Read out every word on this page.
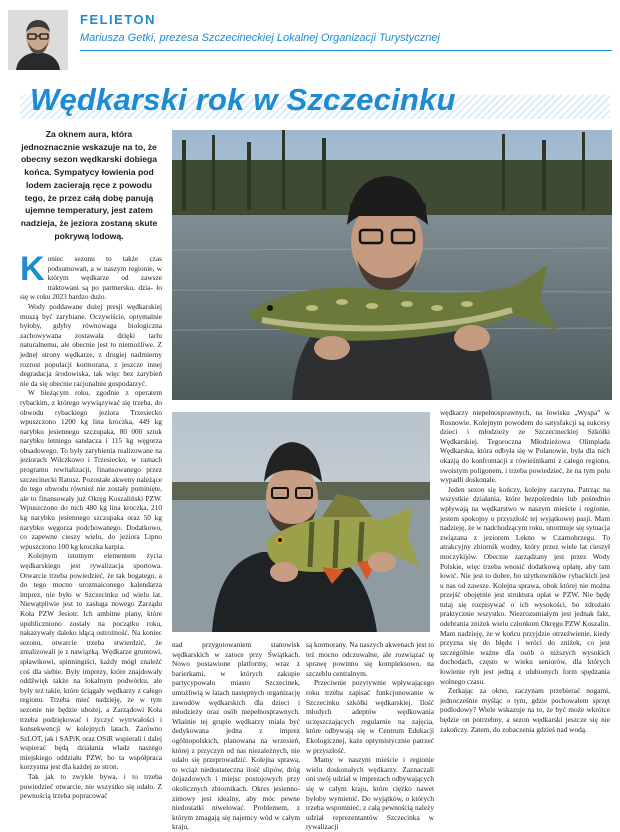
FELIETON
Mariusza Getki, prezesa Szczecineckiej Lokalnej Organizacji Turystycznej
Wędkarski rok w Szczecinku
Za oknem aura, która jednoznacznie wskazuje na to, że obecny sezon wędkarski dobiega końca. Sympatycy łowienia pod lodem zacierają ręce z powodu tego, że przez całą dobę panują ujemne temperatury, jest zatem nadzieja, że jeziora zostaną skute pokrywą lodową.

Koniec sezonu to także czas podsumowań, a w naszym regionie, w którym wędkarze od zawsze traktowani są po partnersku, dzia- ło się w roku 2023 bardzo dużo.

Wody poddawane dużej presji wędkarskiej muszą być zarybiane. Oczywiście, optymalnie byłoby, gdyby równowaga biologiczna zachowywana zostawała dzięki tarłu naturalnemu, ale obecnie jest to niemożliwe. Z jednej strony wędkarze, z drugiej nadmierny rozrost populacji kormorana, z jeszcze innej degradacja środowiska, tak więc bez zarybień nie da się obecnie racjonalnie gospodarzyć.

W bieżącym roku, zgodnie z operatem rybackim, z którego wywiązywać się trzeba, do obwodu rybackiego jeziora Trzesiecko wpuszczono 1200 kg lina kroczka, 449 kg narybku jesiennego szczupaka, 80 000 sztuk narybku letniego sandacza i 115 kg węgorza obsadowego. To były zarybienia realizowane na jeziorach Wilczkowo i Trzesiecko, w ramach programu rewitalizacji, finansowanego przez szczecinecki Ratusz. Pozostałe akweny należące do tego obwodu również nie zostały pominięte, ale to finansowały już Okręg Koszaliński PZW. Wpuszczono do nich 480 kg lina kroczka, 210 kg narybku jesiennego szczupaka oraz 50 kg narybku węgorza podchowanego. Dodatkowo, co zapewne cieszy wielu, do jeziora Lipno wpuszczono 100 kg kroczka karpia.

Kolejnym istotnym elementem życia wędkarskiego jest rywalizacja sportowa. Otwarcie trzeba powiedzieć, że tak bogatego, a do tego mocno urozmaiconego kalendarza imprez, nie było w Szczecinku od wielu lat. Niewątpliwie jest to zasługa nowego Zarządu Koła PZW Jesiotr. Ich ambitne plany, które upubliczniono zostały na początku roku, nakazywały daleko idącą ostrożność. Na koniec sezonu, otwarcie trzeba stwierdzić, że zrealizowali je z nawiązką. Wędkarze gruntowi, spławikowi, spinningiści, każdy mógł znaleźć coś dla siebie. Były imprezy, które znajdowały oddźwięk także na lokalnym podwórku, ale były też takie, które ściągały wędkarzy z całego regionu. Trzeba mieć nadzieję, że w tym sezonie nie będzie ubożej, a Zarządowi Koła trzeba podziękować i życzyć wytrwałości i konsekwencji w kolejnych latach. Zarówno SzLOT, jak i SAPiK oraz OSiR wspierali i dalej wspierać będą działania władz naszego miejskiego oddziału PZW, bo ta współpraca korzystna jest dla każdej ze stron.

Tak jak to zwykle bywa, i to trzeba powiedzieć otwarcie, nie wszystko się udało. Z pewnością trzeba popracować

nad przygotowaniem stanowisk wędkarskich w zatoce przy Świątkach. Nowo postawione platformy, wraz z barierkami, w których zakupie partycypowało miasto Szczecinek, umożliwią w latach następnych organizację zawodów wędkarskich dla dzieci i młodzieży oraz osób niepełnosprawnych. Właśnie tej grupie wędkarzy miała być dedykowana jedna z imprez ogólnopolskich, planowana na wrzesień, której z przyczyn od nas niezależnych, nie udało się przeprowadzić. Kolejna sprawa, to wciąż niedostateczna ilość slipów, dróg dojazdowych i miejsc postojowych przy okolicznych zbiornikach. Okres jesienno-zimowy jest idealny, aby móc pewne niedostatki niwelować. Problemem, z którym zmagają się najemcy wód w całym kraju,

są kormorany. Na naszych akwenach jest to też mocno odczuwalne, ale rozwiązać tę sprawę powinno się kompleksowo, na szczeblu centralnym.

Przeciwnie pozytywnie wpływającego roku trzeba zapisać funkcjonowanie w Szczecinku szkółki wędkarskiej. Ilość młodych adeptów wędkowania uczęszczających regularnie na zajęcia, które odbywają się w Centrum Edukacji Ekologicznej, każe optymistycznie patrzeć w przyszłość.

Mamy w naszym mieście i regionie wielu doskonałych wędkarzy. Zaznaczali oni swój udział w imprezach odbywających się w całym kraju, które ciężko nawet byłoby wymienić. Do wyjątków, o których trzeba wspomnieć, z całą pewnością należy udział reprezentantów Szczecinka w rywalizacji

wędkarzy niepełnosprawnych, na łowisku „Wyspa” w Rosnowie. Kolejnym powodem do satysfakcji są sukcesy dzieci i młodzieży ze Szczecineckiej Szkółki Wędkarskiej. Tegoroczna Młodzieżowa Olimpiada Wędkarska, która odbyła się w Połanowie, była dla nich okazją do konfrontacji z rówieśnikami z całego regionu, swoistym poligonem, i trzeba powiedzieć, że na tym polu wypadli doskonale.

Jeden sezon się kończy, kolejny zaczyna. Patrząc na wszystkie działania, które bezpośrednio lub pośrednio wpływają na wędkarstwo w naszym mieście i regionie, jestem spokojny o przyszłość tej wyjątkowej pasji. Mam nadzieję, że w nadchodzącym roku, unormuje się sytuacja związana z jeziorem Lekno w Czarnobrzegu. To atrakcyjny zbiornik wodny, który przez wiele lat cieszył moczykijów. Obecnie zarządzany jest przez Wody Polskie, więc trzeba wnosić dodatkową opłatę, aby tam łowić. Nie jest to dobre, bo użytkowników rybackich jest u nas od zawsze. Kolejna sprawa, obok której nie można przejść obojętnie jest struktura opłat w PZW. Nie będę tutaj się rozpisywać o ich wysokości, bo zdrożało praktycznie wszystko. Niezrozumiałym jest jednak fakt, odebrania zniżek wielu członkom Okręgu PZW Koszalin. Mam nadzieję, że w końcu przyjdzie otrzeźwienie, kiedy przyzna się do błędu i wróci do zniżek, co jest szczególnie ważne dla osób o niższych wysokich dochodach, często w wieku seniorów, dla których łowienie ryb jest jedną z ulubionych form spędzania wolnego czasu.

Zerkając za okno, zaczynam przebierać nogami, jednocześnie myśląc o tym, gdzie pochowałem sprzęt podlodowy? Wiele wskazuje na to, że być może wkrótce będzie on potrzebny, a sezon wędkarski jeszcze się nie zakończy. Zatem, do zobaczenia gdzieś nad wodą.
